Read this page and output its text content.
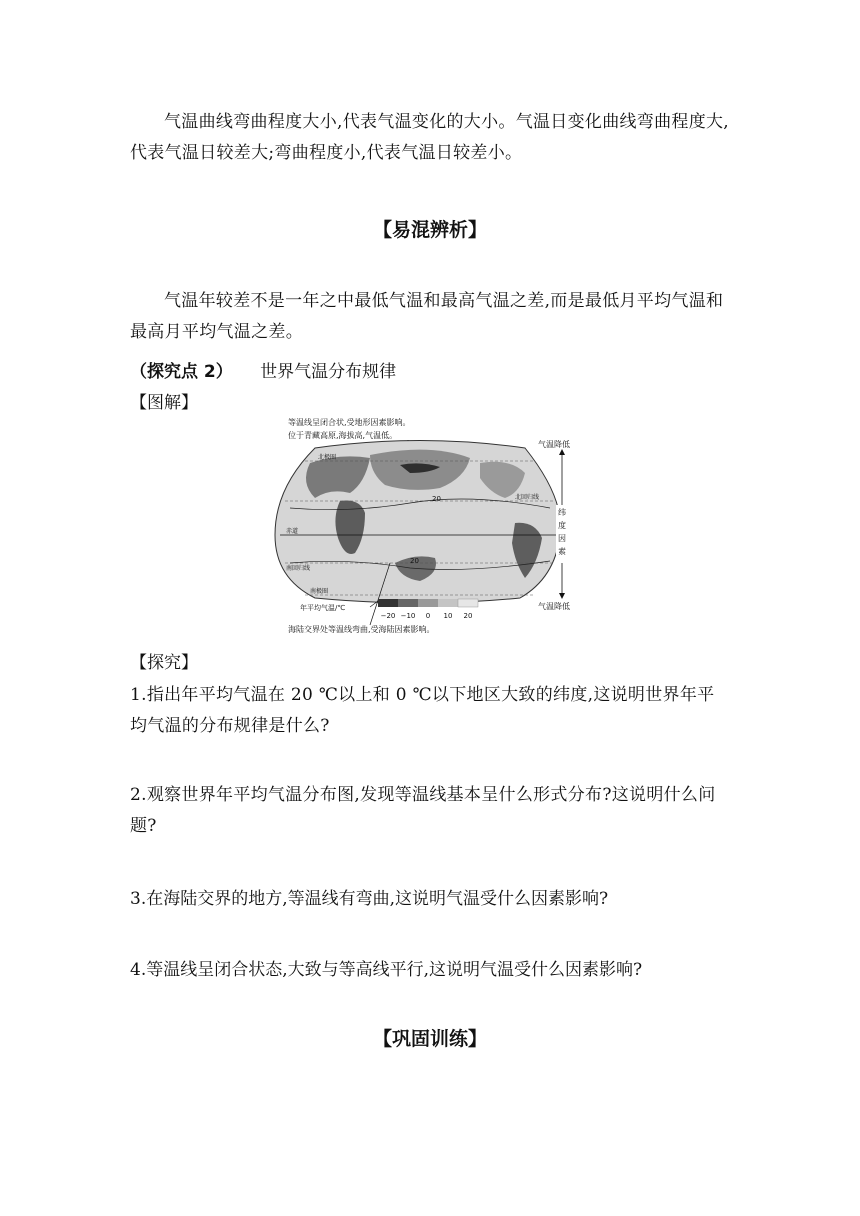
气温曲线弯曲程度大小,代表气温变化的大小。气温日变化曲线弯曲程度大,代表气温日较差大;弯曲程度小,代表气温日较差小。

【易混辨析】

气温年较差不是一年之中最低气温和最高气温之差,而是最低月平均气温和最高月平均气温之差。

（探究点 2） 世界气温分布规律
【图解】
等温线呈闭合状,受地形因素影响。
位于青藏高原,海拔高,气温低。
20
20
北极圈
北回归线
赤道
南回归线
南极圈
气温降低
气温降低
纬
度
因
素
年平均气温/℃
−20 −10 0 10 20
海陆交界处等温线弯曲,受海陆因素影响。
【探究】

1.指出年平均气温在 20 ℃以上和 0 ℃以下地区大致的纬度,这说明世界年平均气温的分布规律是什么?

2.观察世界年平均气温分布图,发现等温线基本呈什么形式分布?这说明什么问题?

3.在海陆交界的地方,等温线有弯曲,这说明气温受什么因素影响?

4.等温线呈闭合状态,大致与等高线平行,这说明气温受什么因素影响?

【巩固训练】
